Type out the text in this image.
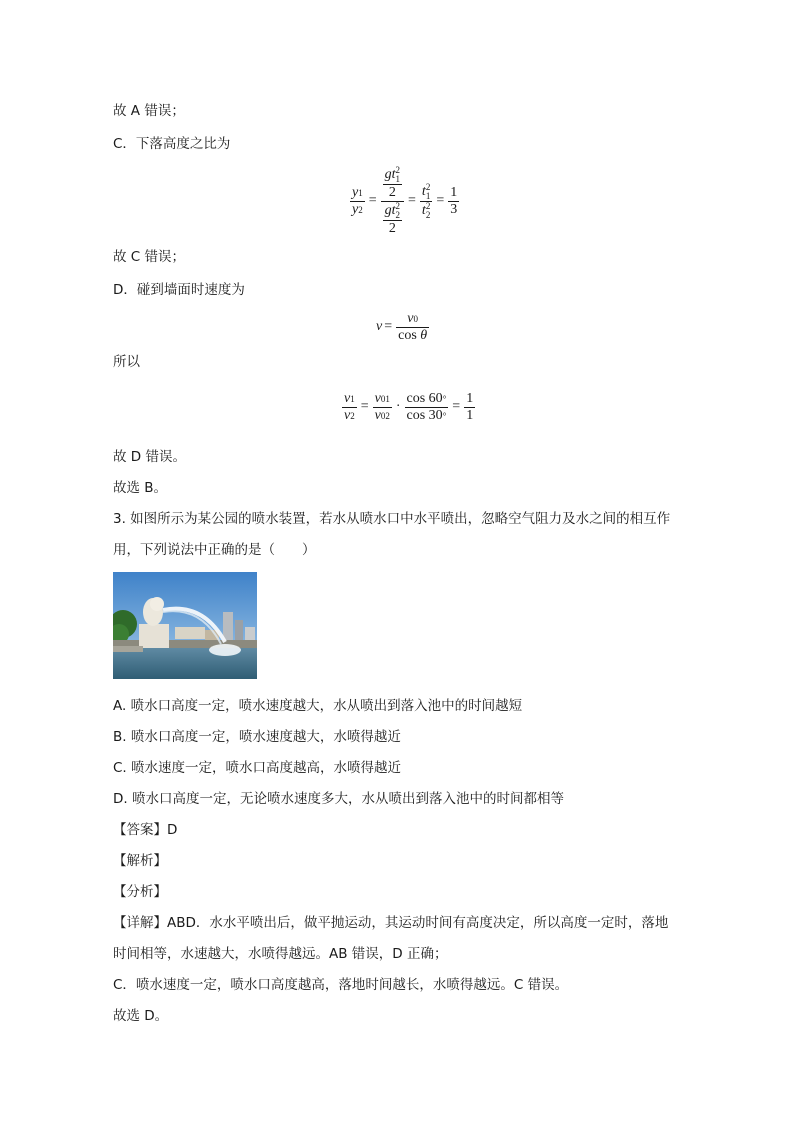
故 A 错误；
C．下落高度之比为
$\frac{y 1}{y 2} = g$ t 2
1
2
g t 2
2
2 = t 2
1
t 2
$2 = \frac{1}{3}$
故 C 错误；
D．碰到墙面时速度为
v = v 0
cos
θ
所以
$\frac{v 1}{v 2} = \frac{v 01}{v 02} \cdot \frac{\cos 60 ^\circ}{\cos 30 ^\circ} = \frac{1}{1}$
故 D 错误。
故选 B。
3. 如图所示为某公园的喷水装置，若水从喷水口中水平喷出，忽略空气阻力及水之间的相互作
用，下列说法中正确的是（　　）
A. 喷水口高度一定，喷水速度越大，水从喷出到落入池中的时间越短
B. 喷水口高度一定，喷水速度越大，水喷得越近
C. 喷水速度一定，喷水口高度越高，水喷得越近
D. 喷水口高度一定，无论喷水速度多大，水从喷出到落入池中的时间都相等
【答案】D
【解析】
【分析】
【详解】ABD．水水平喷出后，做平抛运动，其运动时间有高度决定，所以高度一定时，落地
时间相等，水速越大，水喷得越远。AB 错误，D 正确；
C．喷水速度一定，喷水口高度越高，落地时间越长，水喷得越远。C 错误。
故选 D。
